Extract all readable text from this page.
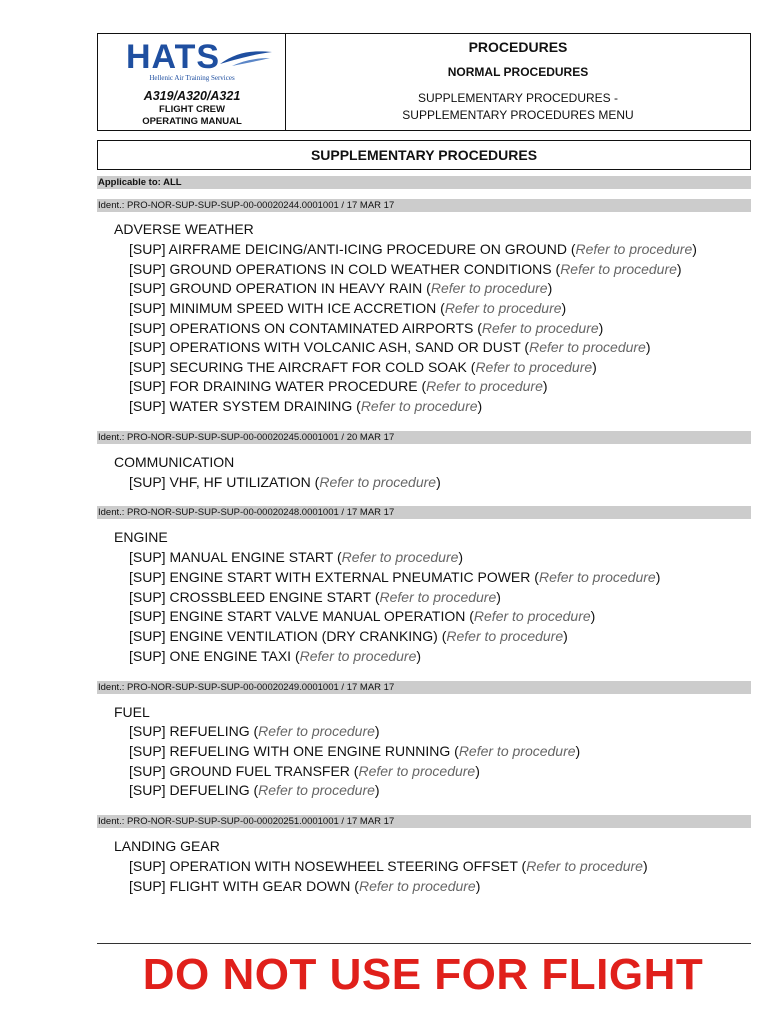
HATS
Hellenic Air Training Services
A319/A320/A321
FLIGHT CREW
OPERATING MANUAL
PROCEDURES
NORMAL PROCEDURES
SUPPLEMENTARY PROCEDURES -
SUPPLEMENTARY PROCEDURES MENU
SUPPLEMENTARY PROCEDURES
Applicable to: ALL
Ident.: PRO-NOR-SUP-SUP-SUP-00-00020244.0001001 / 17 MAR 17
ADVERSE WEATHER
[SUP] AIRFRAME DEICING/ANTI-ICING PROCEDURE ON GROUND (Refer to procedure)
[SUP] GROUND OPERATIONS IN COLD WEATHER CONDITIONS (Refer to procedure)
[SUP] GROUND OPERATION IN HEAVY RAIN (Refer to procedure)
[SUP] MINIMUM SPEED WITH ICE ACCRETION (Refer to procedure)
[SUP] OPERATIONS ON CONTAMINATED AIRPORTS (Refer to procedure)
[SUP] OPERATIONS WITH VOLCANIC ASH, SAND OR DUST (Refer to procedure)
[SUP] SECURING THE AIRCRAFT FOR COLD SOAK (Refer to procedure)
[SUP] FOR DRAINING WATER PROCEDURE (Refer to procedure)
[SUP] WATER SYSTEM DRAINING (Refer to procedure)
Ident.: PRO-NOR-SUP-SUP-SUP-00-00020245.0001001 / 20 MAR 17
COMMUNICATION
[SUP] VHF, HF UTILIZATION (Refer to procedure)
Ident.: PRO-NOR-SUP-SUP-SUP-00-00020248.0001001 / 17 MAR 17
ENGINE
[SUP] MANUAL ENGINE START (Refer to procedure)
[SUP] ENGINE START WITH EXTERNAL PNEUMATIC POWER (Refer to procedure)
[SUP] CROSSBLEED ENGINE START (Refer to procedure)
[SUP] ENGINE START VALVE MANUAL OPERATION (Refer to procedure)
[SUP] ENGINE VENTILATION (DRY CRANKING) (Refer to procedure)
[SUP] ONE ENGINE TAXI (Refer to procedure)
Ident.: PRO-NOR-SUP-SUP-SUP-00-00020249.0001001 / 17 MAR 17
FUEL
[SUP] REFUELING (Refer to procedure)
[SUP] REFUELING WITH ONE ENGINE RUNNING (Refer to procedure)
[SUP] GROUND FUEL TRANSFER (Refer to procedure)
[SUP] DEFUELING (Refer to procedure)
Ident.: PRO-NOR-SUP-SUP-SUP-00-00020251.0001001 / 17 MAR 17
LANDING GEAR
[SUP] OPERATION WITH NOSEWHEEL STEERING OFFSET (Refer to procedure)
[SUP] FLIGHT WITH GEAR DOWN (Refer to procedure)
DO NOT USE FOR FLIGHT
